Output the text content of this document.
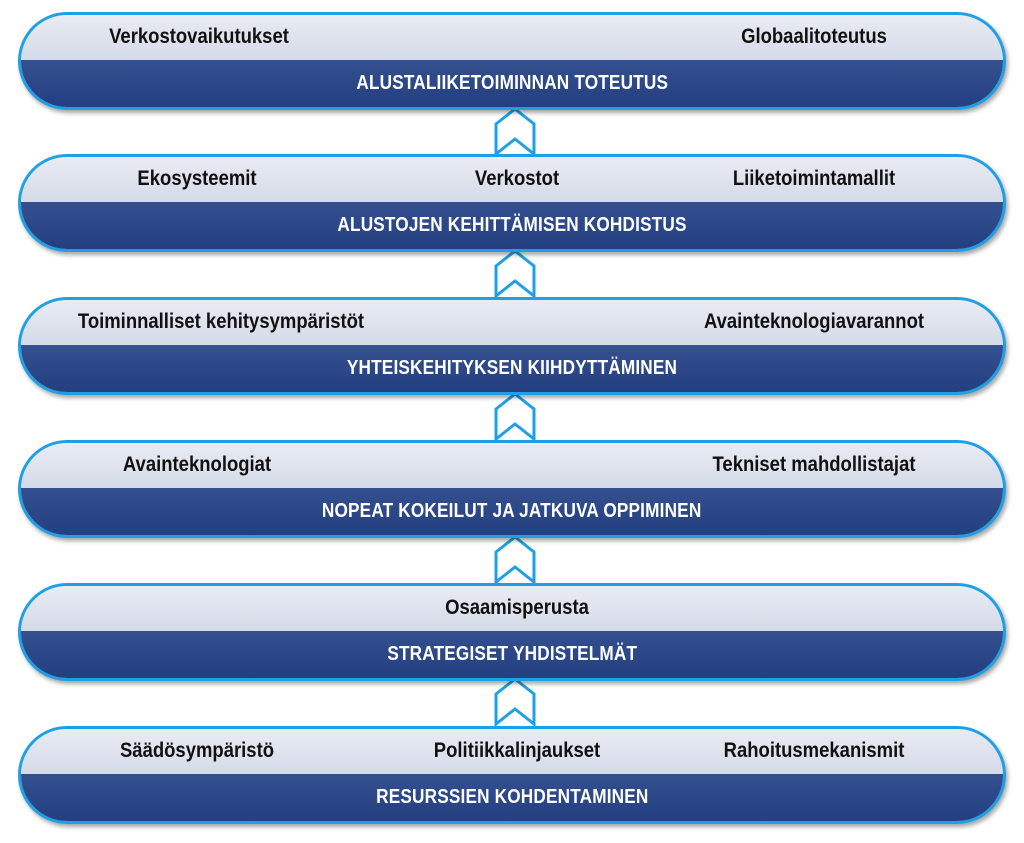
Verkostovaikutukset	Globaalitoteutus
ALUSTALIIKETOIMINNAN TOTEUTUS
Ekosysteemit	Verkostot	Liiketoimintamallit
ALUSTOJEN KEHITTÄMISEN KOHDISTUS
Toiminnalliset kehitysympäristöt	Avainteknologiavarannot
YHTEISKEHITYKSEN KIIHDYTTÄMINEN
Avainteknologiat	Tekniset mahdollistajat
NOPEAT KOKEILUT JA JATKUVA OPPIMINEN
Osaamisperusta
STRATEGISET YHDISTELMÄT
Säädösympäristö	Politiikkalinjaukset	Rahoitusmekanismit
RESURSSIEN KOHDENTAMINEN
